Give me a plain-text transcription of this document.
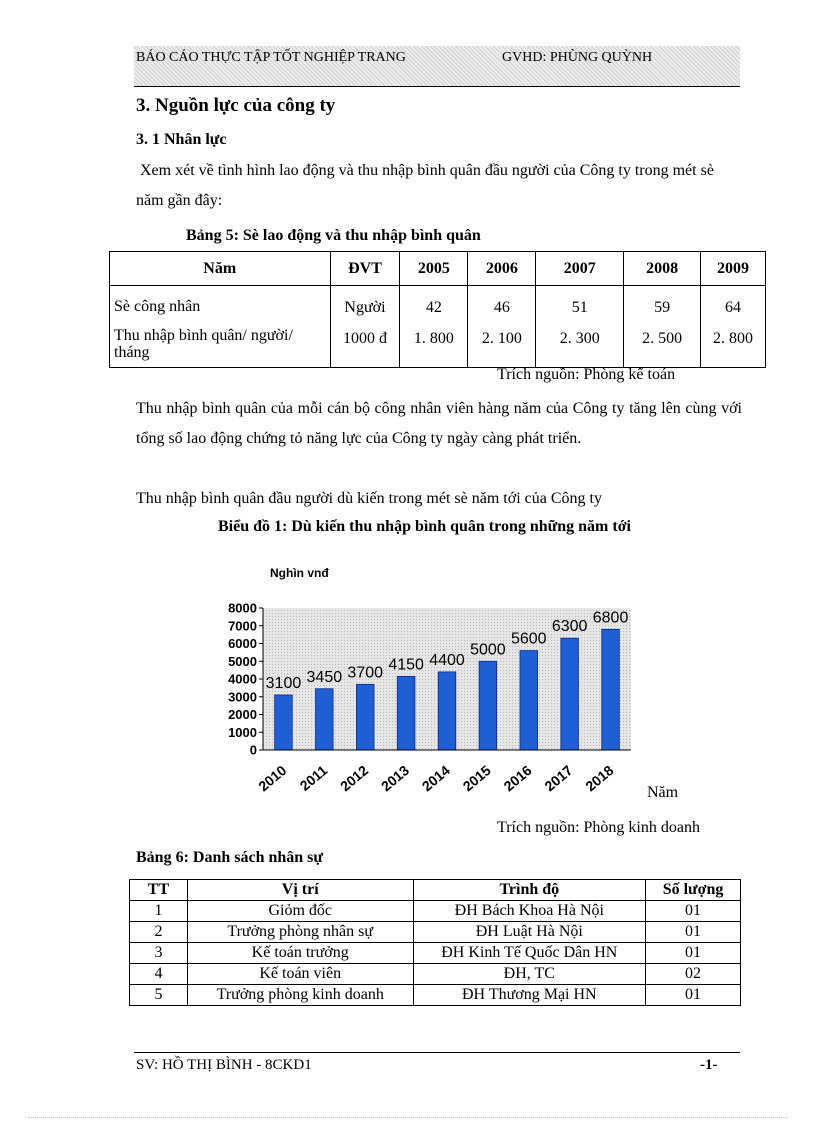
BÁO CÁO THỰC TẬP TỐT NGHIỆP TRANG	GVHD: PHÙNG QUỲNH
3. Nguồn lực của công ty
3. 1 Nhân lực
Xem xét về tình hình lao động và thu nhập bình quân đầu người của Công ty trong mét sè năm gần đây:
Bảng 5: Sè lao động và thu nhập bình quân
Năm	ĐVT	2005	2006	2007	2008	2009
Sè công nhân	Người	42	46	51	59	64
Thu nhập bình quân/ người/ tháng	1000 đ	1. 800	2. 100	2. 300	2. 500	2. 800
Trích nguồn: Phòng kế toán
Thu nhập bình quân của mỗi cán bộ công nhân viên hàng năm của Công ty tăng lên cùng với tổng số lao động chứng tỏ năng lực của Công ty ngày càng phát triển.
Thu nhập bình quân đầu người dù kiến trong mét sè năm tới của Công ty
Biểu đồ 1: Dù kiến thu nhập bình quân trong những năm tới
Nghìn vnđ
0
1000
2000
3000
4000
5000
6000
7000
8000
3100 3450 3700 4150 4400
5000
5600
6300
6800
2010 2011 2012 2013 2014 2015 2016 2017 2018 Năm
Trích nguồn: Phòng kinh doanh
Bảng 6: Danh sách nhân sự
TT	Vị trí	Trình độ	Số lượng
1	Giỏm đốc	ĐH Bách Khoa Hà Nội	01
2	Trưởng phòng nhân sự	ĐH Luật Hà Nội	01
3	Kế toán trưởng	ĐH Kinh Tế Quốc Dân HN	01
4	Kế toán viên	ĐH, TC	02
5	Trưởng phòng kinh doanh	ĐH Thương Mại HN	01
SV: HỒ THỊ BÌNH - 8CKD1	-1-
